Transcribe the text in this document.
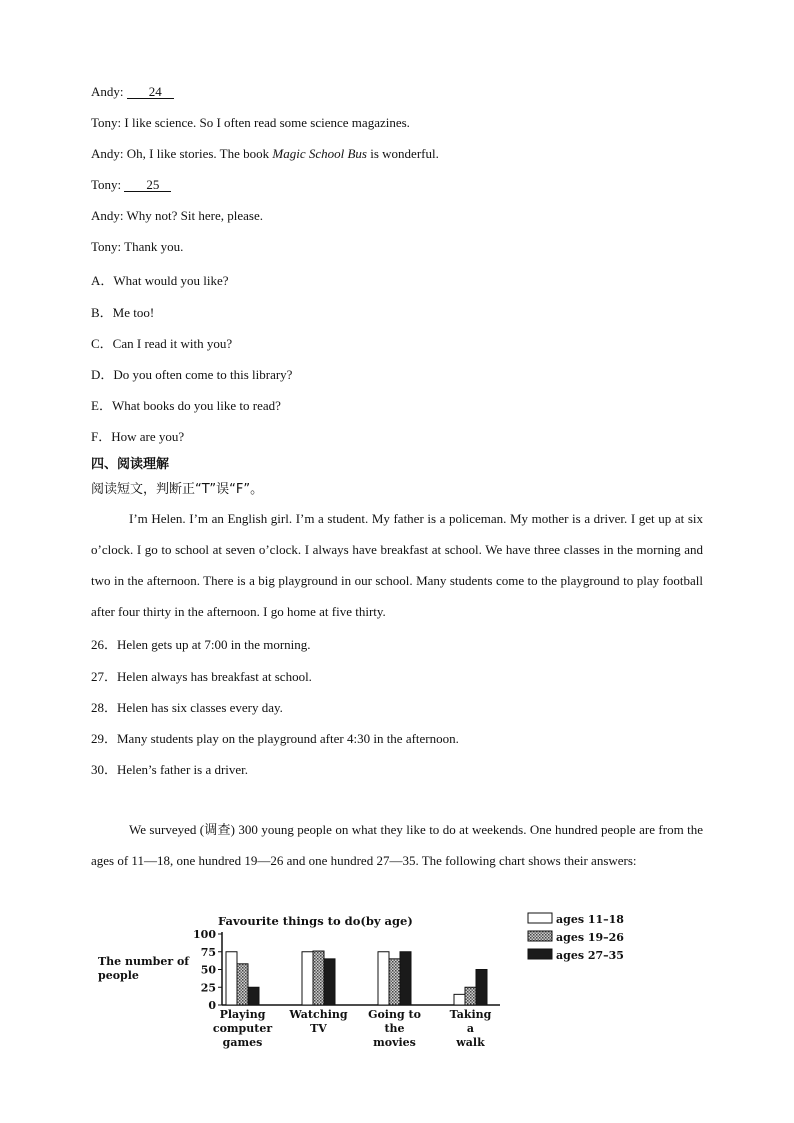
Andy: 24
Tony: I like science. So I often read some science magazines.
Andy: Oh, I like stories. The book Magic School Bus is wonderful.
Tony: 25
Andy: Why not? Sit here, please.
Tony: Thank you.
A．What would you like?
B．Me too!
C．Can I read it with you?
D．Do you often come to this library?
E．What books do you like to read?
F．How are you?
四、阅读理解
阅读短文，判断正“T”误“F”。

I’m Helen. I’m an English girl. I’m a student. My father is a policeman. My mother is a driver. I get up at six o’clock. I go to school at seven o’clock. I always have breakfast at school. We have three classes in the morning and two in the afternoon. There is a big playground in our school. Many students come to the playground to play football after four thirty in the afternoon. I go home at five thirty.

26．Helen gets up at 7:00 in the morning.
27．Helen always has breakfast at school.
28．Helen has six classes every day.
29．Many students play on the playground after 4:30 in the afternoon.
30．Helen’s father is a driver.

We surveyed (调查) 300 young people on what they like to do at weekends. One hundred people are from the ages of 11—18, one hundred 19—26 and one hundred 27—35. The following chart shows their answers:

Favourite things to do(by age)
The number of
people
0
25
50
75
100
Playing
computer
games
Watching
TV
Going to
the
movies
Taking
a
walk
ages 11–18
ages 19–26
ages 27–35
